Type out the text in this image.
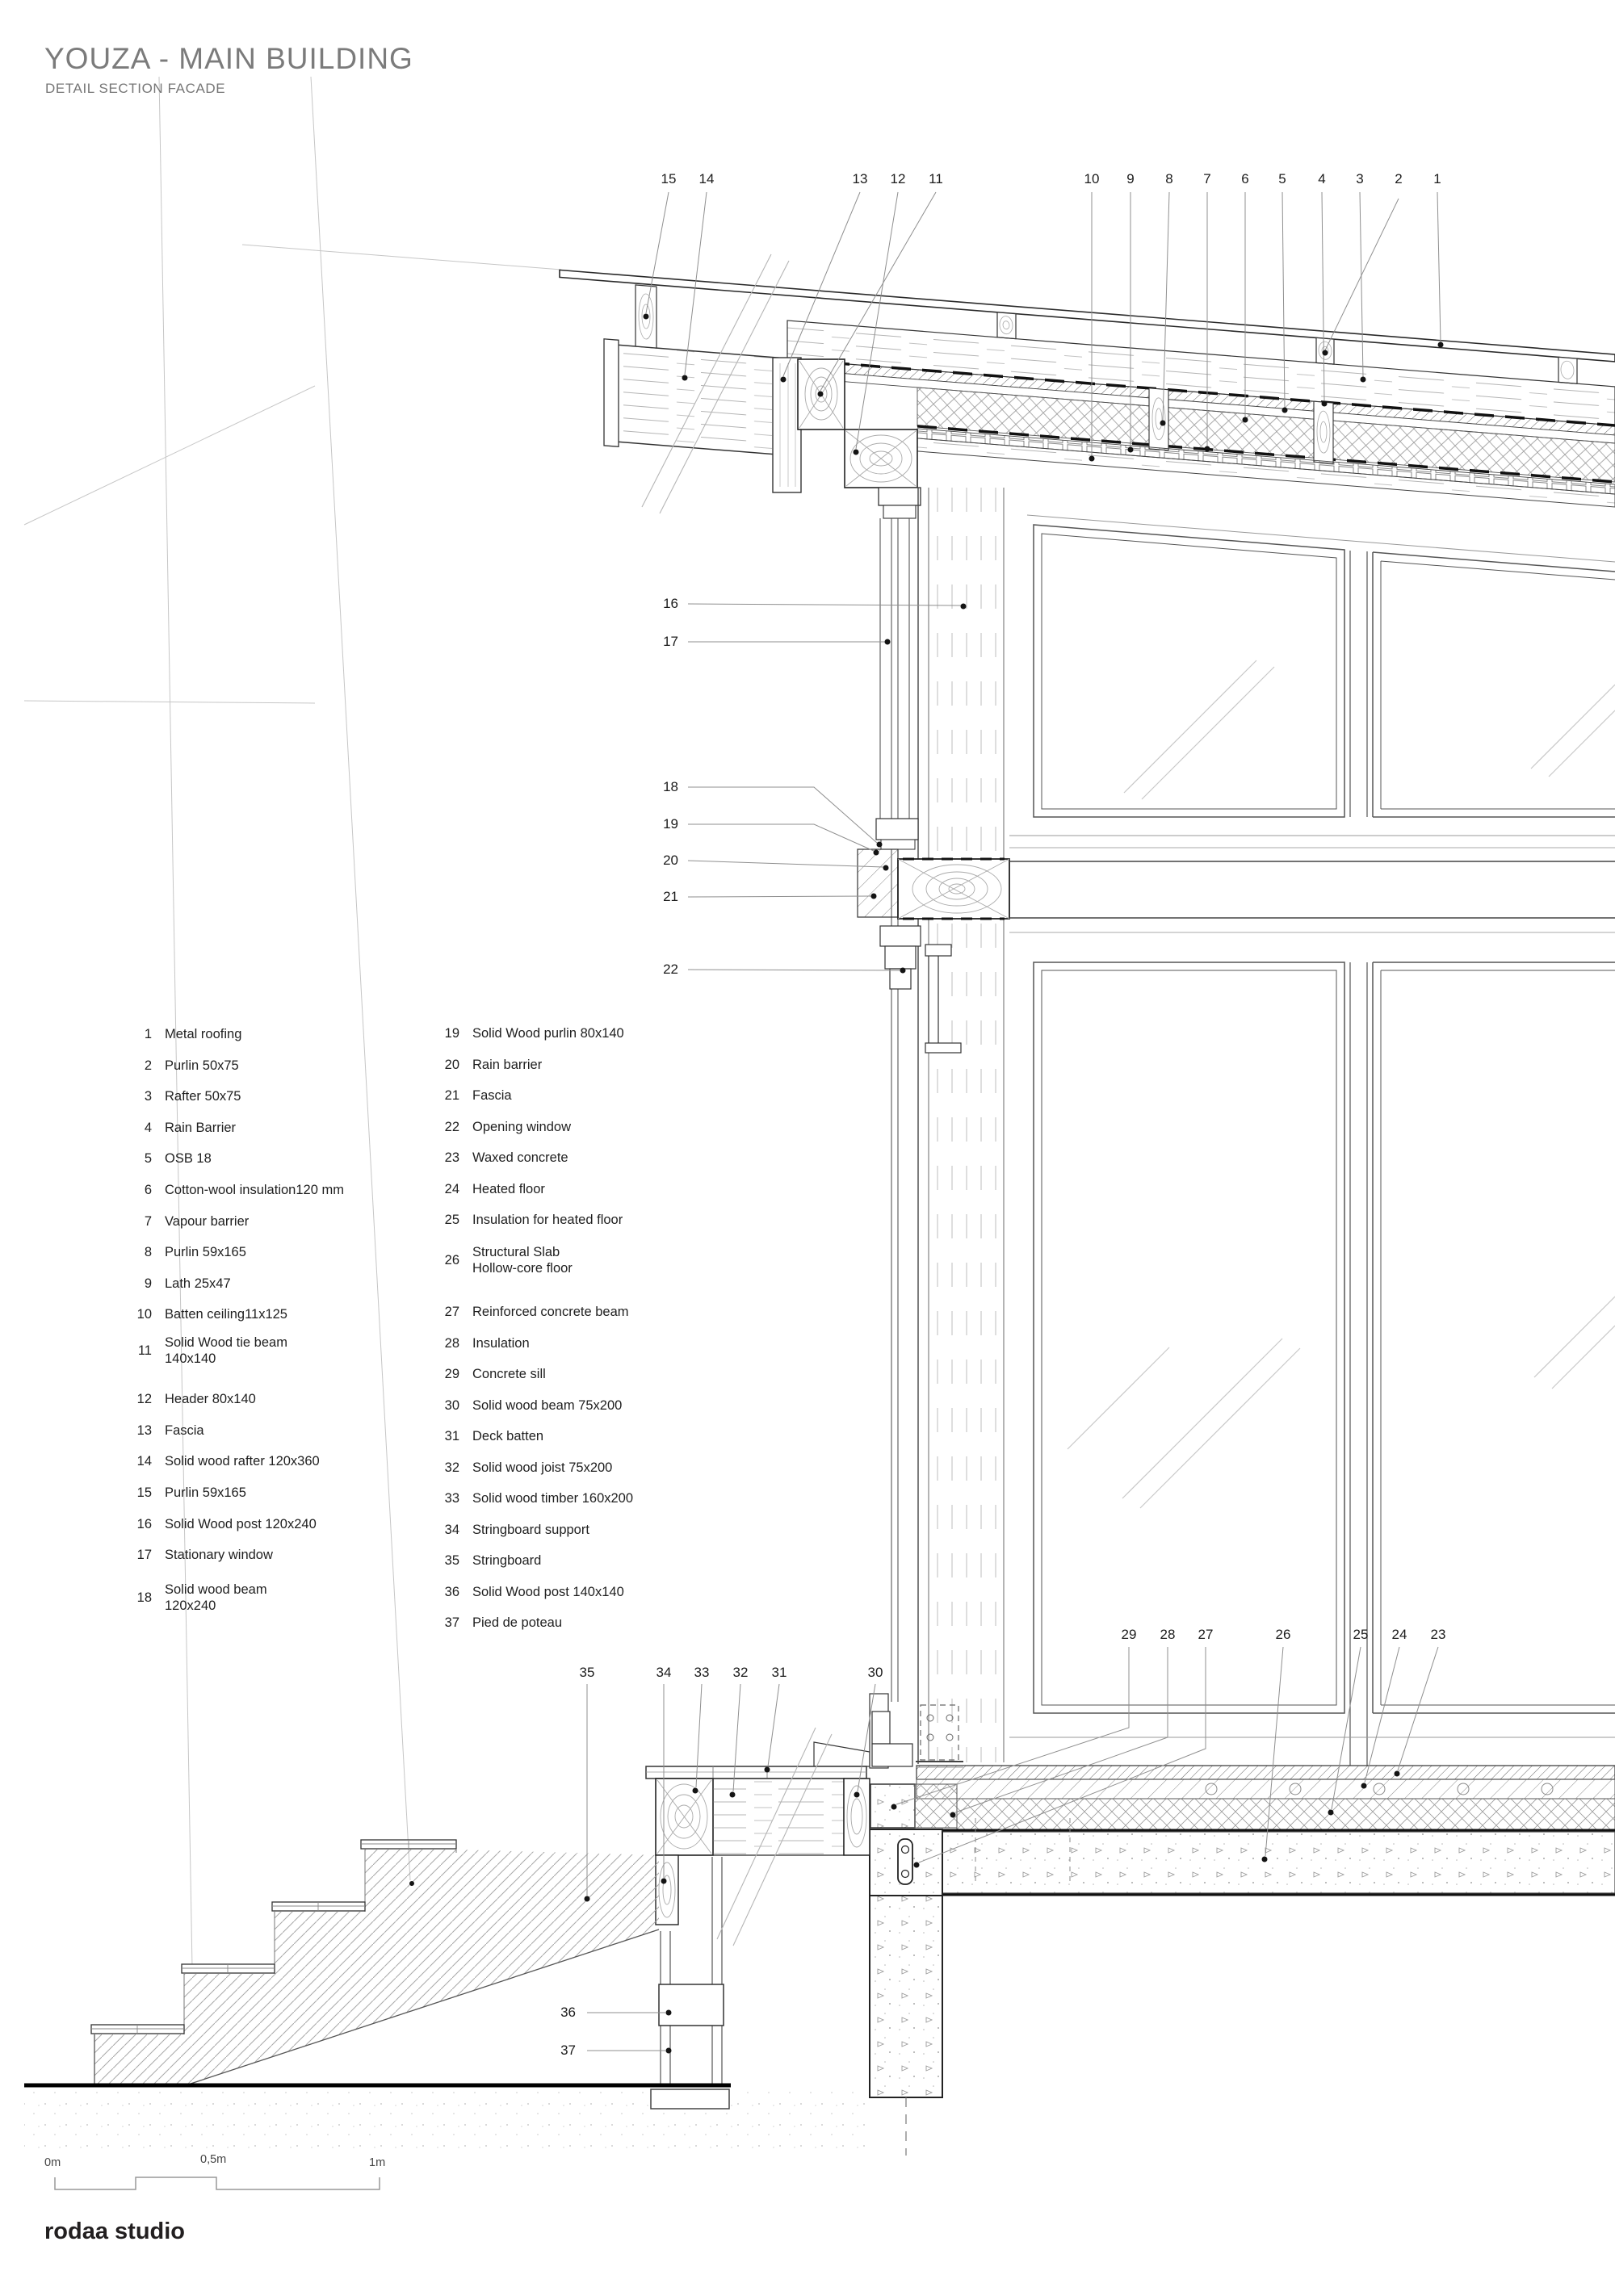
YOUZA - MAIN BUILDING
DETAIL SECTION FACADE
1 Metal roofing
2 Purlin 50x75
3 Rafter 50x75
4 Rain Barrier
5 OSB 18
6 Cotton-wool insulation120 mm
7 Vapour barrier
8 Purlin 59x165
9 Lath 25x47
10 Batten ceiling11x125
11
Solid Wood tie beam
140x140
12 Header 80x140
13 Fascia
14 Solid wood rafter 120x360
15 Purlin 59x165
16 Solid Wood post 120x240
17 Stationary window
18
Solid wood beam
120x240
19 Solid Wood purlin 80x140
20 Rain barrier
21 Fascia
22 Opening window
23 Waxed concrete
24 Heated floor
25 Insulation for heated floor
26
Structural Slab
Hollow-core floor
27 Reinforced concrete beam
28 Insulation
29 Concrete sill
30 Solid wood beam 75x200
31 Deck batten
32 Solid wood joist 75x200
33 Solid wood timber 160x200
34 Stringboard support
35 Stringboard
36 Solid Wood post 140x140
37 Pied de poteau
15 14	13 12 11	10 9 8 7 6 5 4 3 2 1
16
17
18
19
20
21
22
35	34 33 32 31	30
29 28 27	26	25 24 23
36
37
0m	0,5m	1m
rodaa studio
